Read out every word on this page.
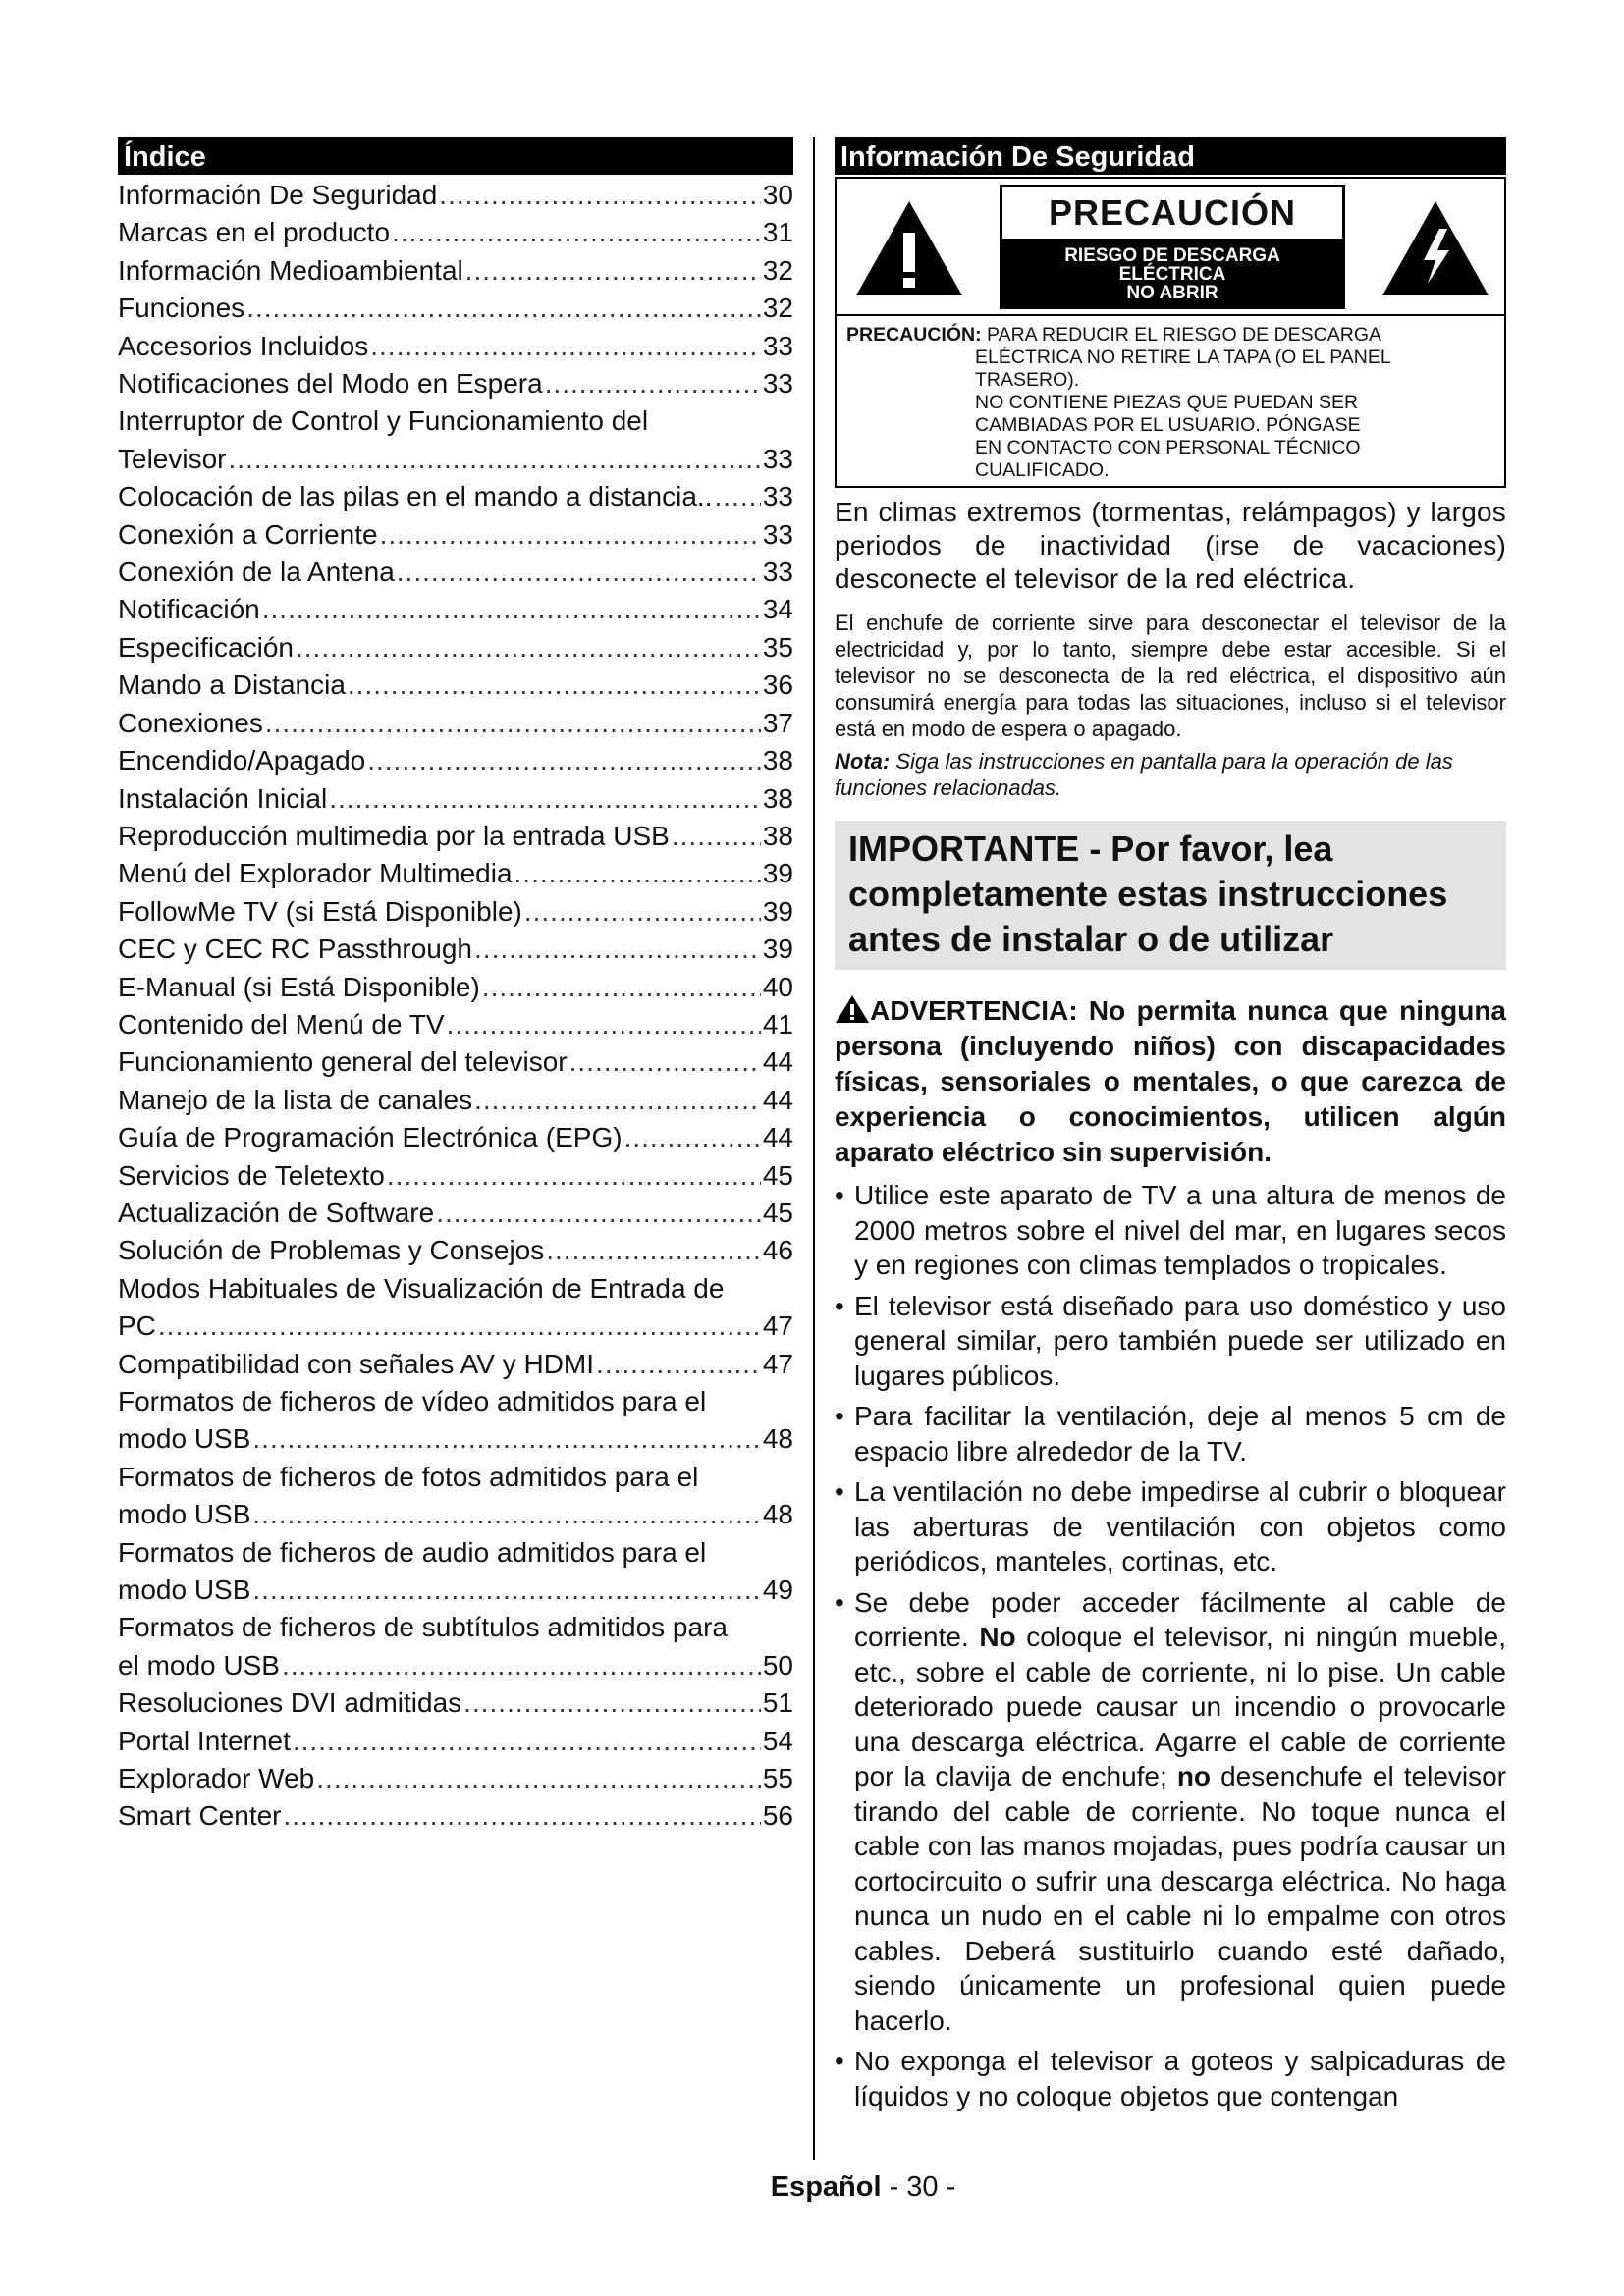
Índice
Información De Seguridad .....	30
Marcas en el producto .....	31
Información Medioambiental .....	32
Funciones .....	32
Accesorios Incluidos .....	33
Notificaciones del Modo en Espera .....	33
Interruptor de Control y Funcionamiento del
Televisor .....	33
Colocación de las pilas en el mando a distancia.. ..... 33
Conexión a Corriente .....	33
Conexión de la Antena .....	33
Notificación .....	34
Especificación .....	35
Mando a Distancia .....	36
Conexiones .....	37
Encendido/Apagado .....	38
Instalación Inicial .....	38
Reproducción multimedia por la entrada USB .....	38
Menú del Explorador Multimedia .....	39
FollowMe TV (si Está Disponible) .....	39
CEC y CEC RC Passthrough .....	39
E-Manual (si Está Disponible) .....	40
Contenido del Menú de TV .....	41
Funcionamiento general del televisor .....	44
Manejo de la lista de canales .....	44
Guía de Programación Electrónica (EPG) .....	44
Servicios de Teletexto .....	45
Actualización de Software .....	45
Solución de Problemas y Consejos .....	46
Modos Habituales de Visualización de Entrada de
PC .....	47
Compatibilidad con señales AV y HDMI .....	47
Formatos de ficheros de vídeo admitidos para el
modo USB .....	48
Formatos de ficheros de fotos admitidos para el
modo USB .....	48
Formatos de ficheros de audio admitidos para el
modo USB .....	49
Formatos de ficheros de subtítulos admitidos para
el modo USB .....	50
Resoluciones DVI admitidas .....	51
Portal Internet .....	54
Explorador Web .....	55
Smart Center .....	56
Información De Seguridad
PRECAUCIÓN
RIESGO DE DESCARGA
ELÉCTRICA
NO ABRIR

PRECAUCIÓN: PARA REDUCIR EL RIESGO DE DESCARGA

ELÉCTRICA NO RETIRE LA TAPA (O EL PANEL

TRASERO).

NO CONTIENE PIEZAS QUE PUEDAN SER

CAMBIADAS POR EL USUARIO. PÓNGASE

EN CONTACTO CON PERSONAL TÉCNICO

CUALIFICADO.

En climas extremos (tormentas, relámpagos) y largos periodos de inactividad (irse de vacaciones) desconecte el televisor de la red eléctrica.

El enchufe de corriente sirve para desconectar el televisor de la electricidad y, por lo tanto, siempre debe estar accesible. Si el televisor no se desconecta de la red eléctrica, el dispositivo aún consumirá energía para todas las situaciones, incluso si el televisor está en modo de espera o apagado.

Nota: Siga las instrucciones en pantalla para la operación de las funciones relacionadas.

IMPORTANTE - Por favor, lea completamente estas instrucciones antes de instalar o de utilizar
ADVERTENCIA: No permita nunca que ninguna persona (incluyendo niños) con discapacidades físicas, sensoriales o mentales, o que carezca de experiencia o conocimientos, utilicen algún aparato eléctrico sin supervisión.
• Utilice este aparato de TV a una altura de menos de 2000 metros sobre el nivel del mar, en lugares secos y en regiones con climas templados o tropicales.
• El televisor está diseñado para uso doméstico y uso general similar, pero también puede ser utilizado en lugares públicos.
• Para facilitar la ventilación, deje al menos 5 cm de espacio libre alrededor de la TV.
• La ventilación no debe impedirse al cubrir o bloquear las aberturas de ventilación con objetos como periódicos, manteles, cortinas, etc.
• Se debe poder acceder fácilmente al cable de corriente. No coloque el televisor, ni ningún mueble, etc., sobre el cable de corriente, ni lo pise. Un cable deteriorado puede causar un incendio o provocarle una descarga eléctrica. Agarre el cable de corriente por la clavija de enchufe; no desenchufe el televisor tirando del cable de corriente. No toque nunca el cable con las manos mojadas, pues podría causar un cortocircuito o sufrir una descarga eléctrica. No haga nunca un nudo en el cable ni lo empalme con otros cables. Deberá sustituirlo cuando esté dañado, siendo únicamente un profesional quien puede hacerlo.
• No exponga el televisor a goteos y salpicaduras de líquidos y no coloque objetos que contengan
Español - 30 -
